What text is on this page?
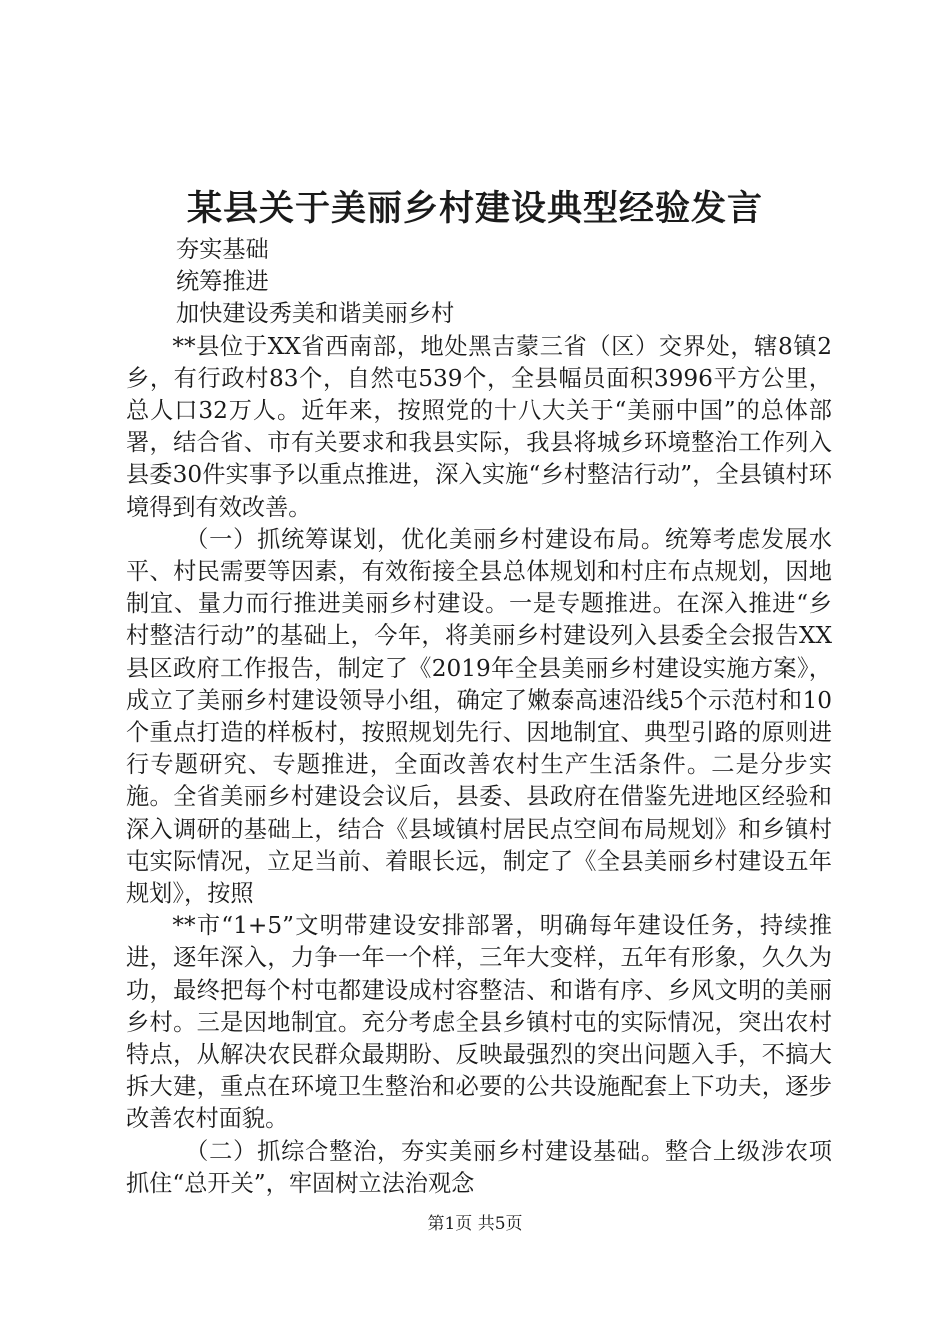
某县关于美丽乡村建设典型经验发言

夯实基础

统筹推进

加快建设秀美和谐美丽乡村

**县位于XX省西南部，地处黑吉蒙三省（区）交界处，辖8镇2乡，有行政村83个，自然屯539个，全县幅员面积3996平方公里，总人口32万人。近年来，按照党的十八大关于“美丽中国”的总体部署，结合省、市有关要求和我县实际，我县将城乡环境整治工作列入县委30件实事予以重点推进，深入实施“乡村整洁行动”，全县镇村环境得到有效改善。

（一）抓统筹谋划，优化美丽乡村建设布局。统筹考虑发展水平、村民需要等因素，有效衔接全县总体规划和村庄布点规划，因地制宜、量力而行推进美丽乡村建设。一是专题推进。在深入推进“乡村整洁行动”的基础上，今年，将美丽乡村建设列入县委全会报告XX县区政府工作报告，制定了《2019年全县美丽乡村建设实施方案》，成立了美丽乡村建设领导小组，确定了嫩泰高速沿线5个示范村和10个重点打造的样板村，按照规划先行、因地制宜、典型引路的原则进行专题研究、专题推进，全面改善农村生产生活条件。二是分步实施。全省美丽乡村建设会议后，县委、县政府在借鉴先进地区经验和深入调研的基础上，结合《县域镇村居民点空间布局规划》和乡镇村屯实际情况，立足当前、着眼长远，制定了《全县美丽乡村建设五年规划》，按照

**市“1+5”文明带建设安排部署，明确每年建设任务，持续推进，逐年深入，力争一年一个样，三年大变样，五年有形象，久久为功，最终把每个村屯都建设成村容整洁、和谐有序、乡风文明的美丽乡村。三是因地制宜。充分考虑全县乡镇村屯的实际情况，突出农村特点，从解决农民群众最期盼、反映最强烈的突出问题入手，不搞大拆大建，重点在环境卫生整治和必要的公共设施配套上下功夫，逐步改善农村面貌。

（二）抓综合整治，夯实美丽乡村建设基础。整合上级涉农项抓住“总开关”，牢固树立法治观念

第1页 共5页
